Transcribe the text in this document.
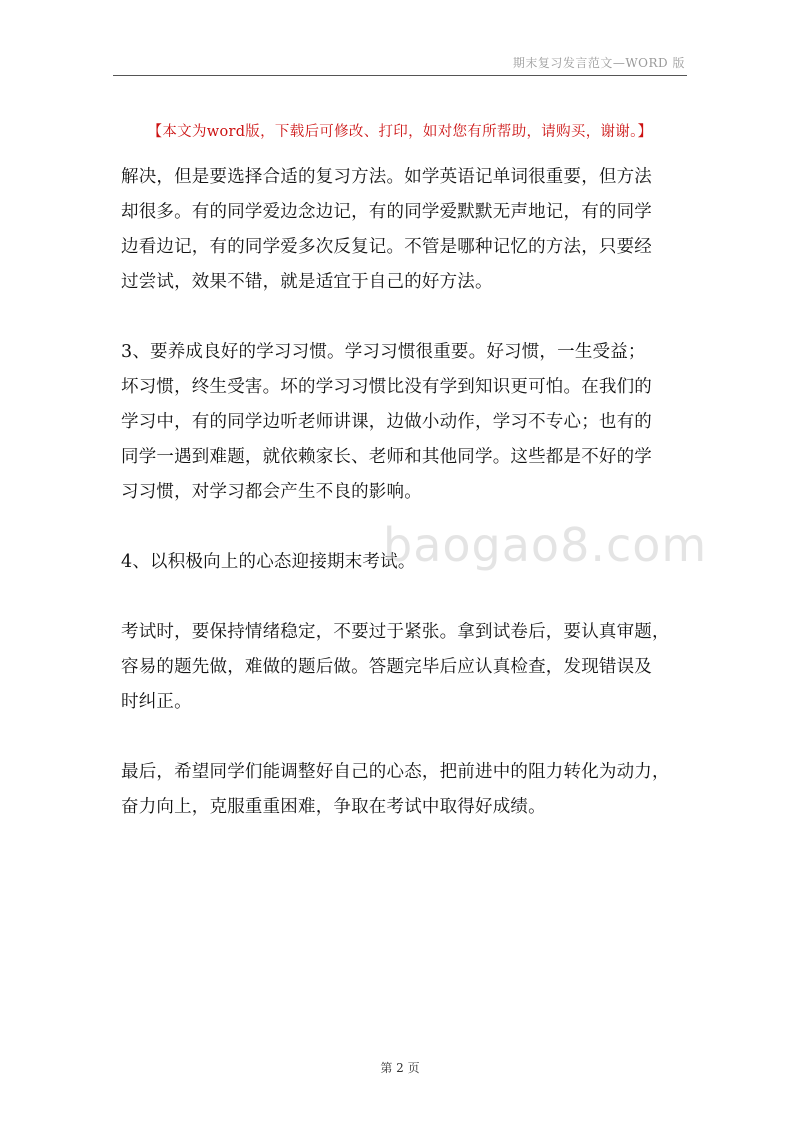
期末复习发言范文—WORD 版
【本文为word版，下载后可修改、打印，如对您有所帮助，请购买，谢谢。】

解决，但是要选择合适的复习方法。如学英语记单词很重要，但方法
却很多。有的同学爱边念边记，有的同学爱默默无声地记，有的同学
边看边记，有的同学爱多次反复记。不管是哪种记忆的方法，只要经
过尝试，效果不错，就是适宜于自己的好方法。

3、要养成良好的学习习惯。学习习惯很重要。好习惯，一生受益；
坏习惯，终生受害。坏的学习习惯比没有学到知识更可怕。在我们的
学习中，有的同学边听老师讲课，边做小动作，学习不专心；也有的
同学一遇到难题，就依赖家长、老师和其他同学。这些都是不好的学
习习惯，对学习都会产生不良的影响。

4、以积极向上的心态迎接期末考试。

考试时，要保持情绪稳定，不要过于紧张。拿到试卷后，要认真审题，
容易的题先做，难做的题后做。答题完毕后应认真检查，发现错误及
时纠正。

最后，希望同学们能调整好自己的心态，把前进中的阻力转化为动力，
奋力向上，克服重重困难，争取在考试中取得好成绩。

baogao8.com
第 2 页
